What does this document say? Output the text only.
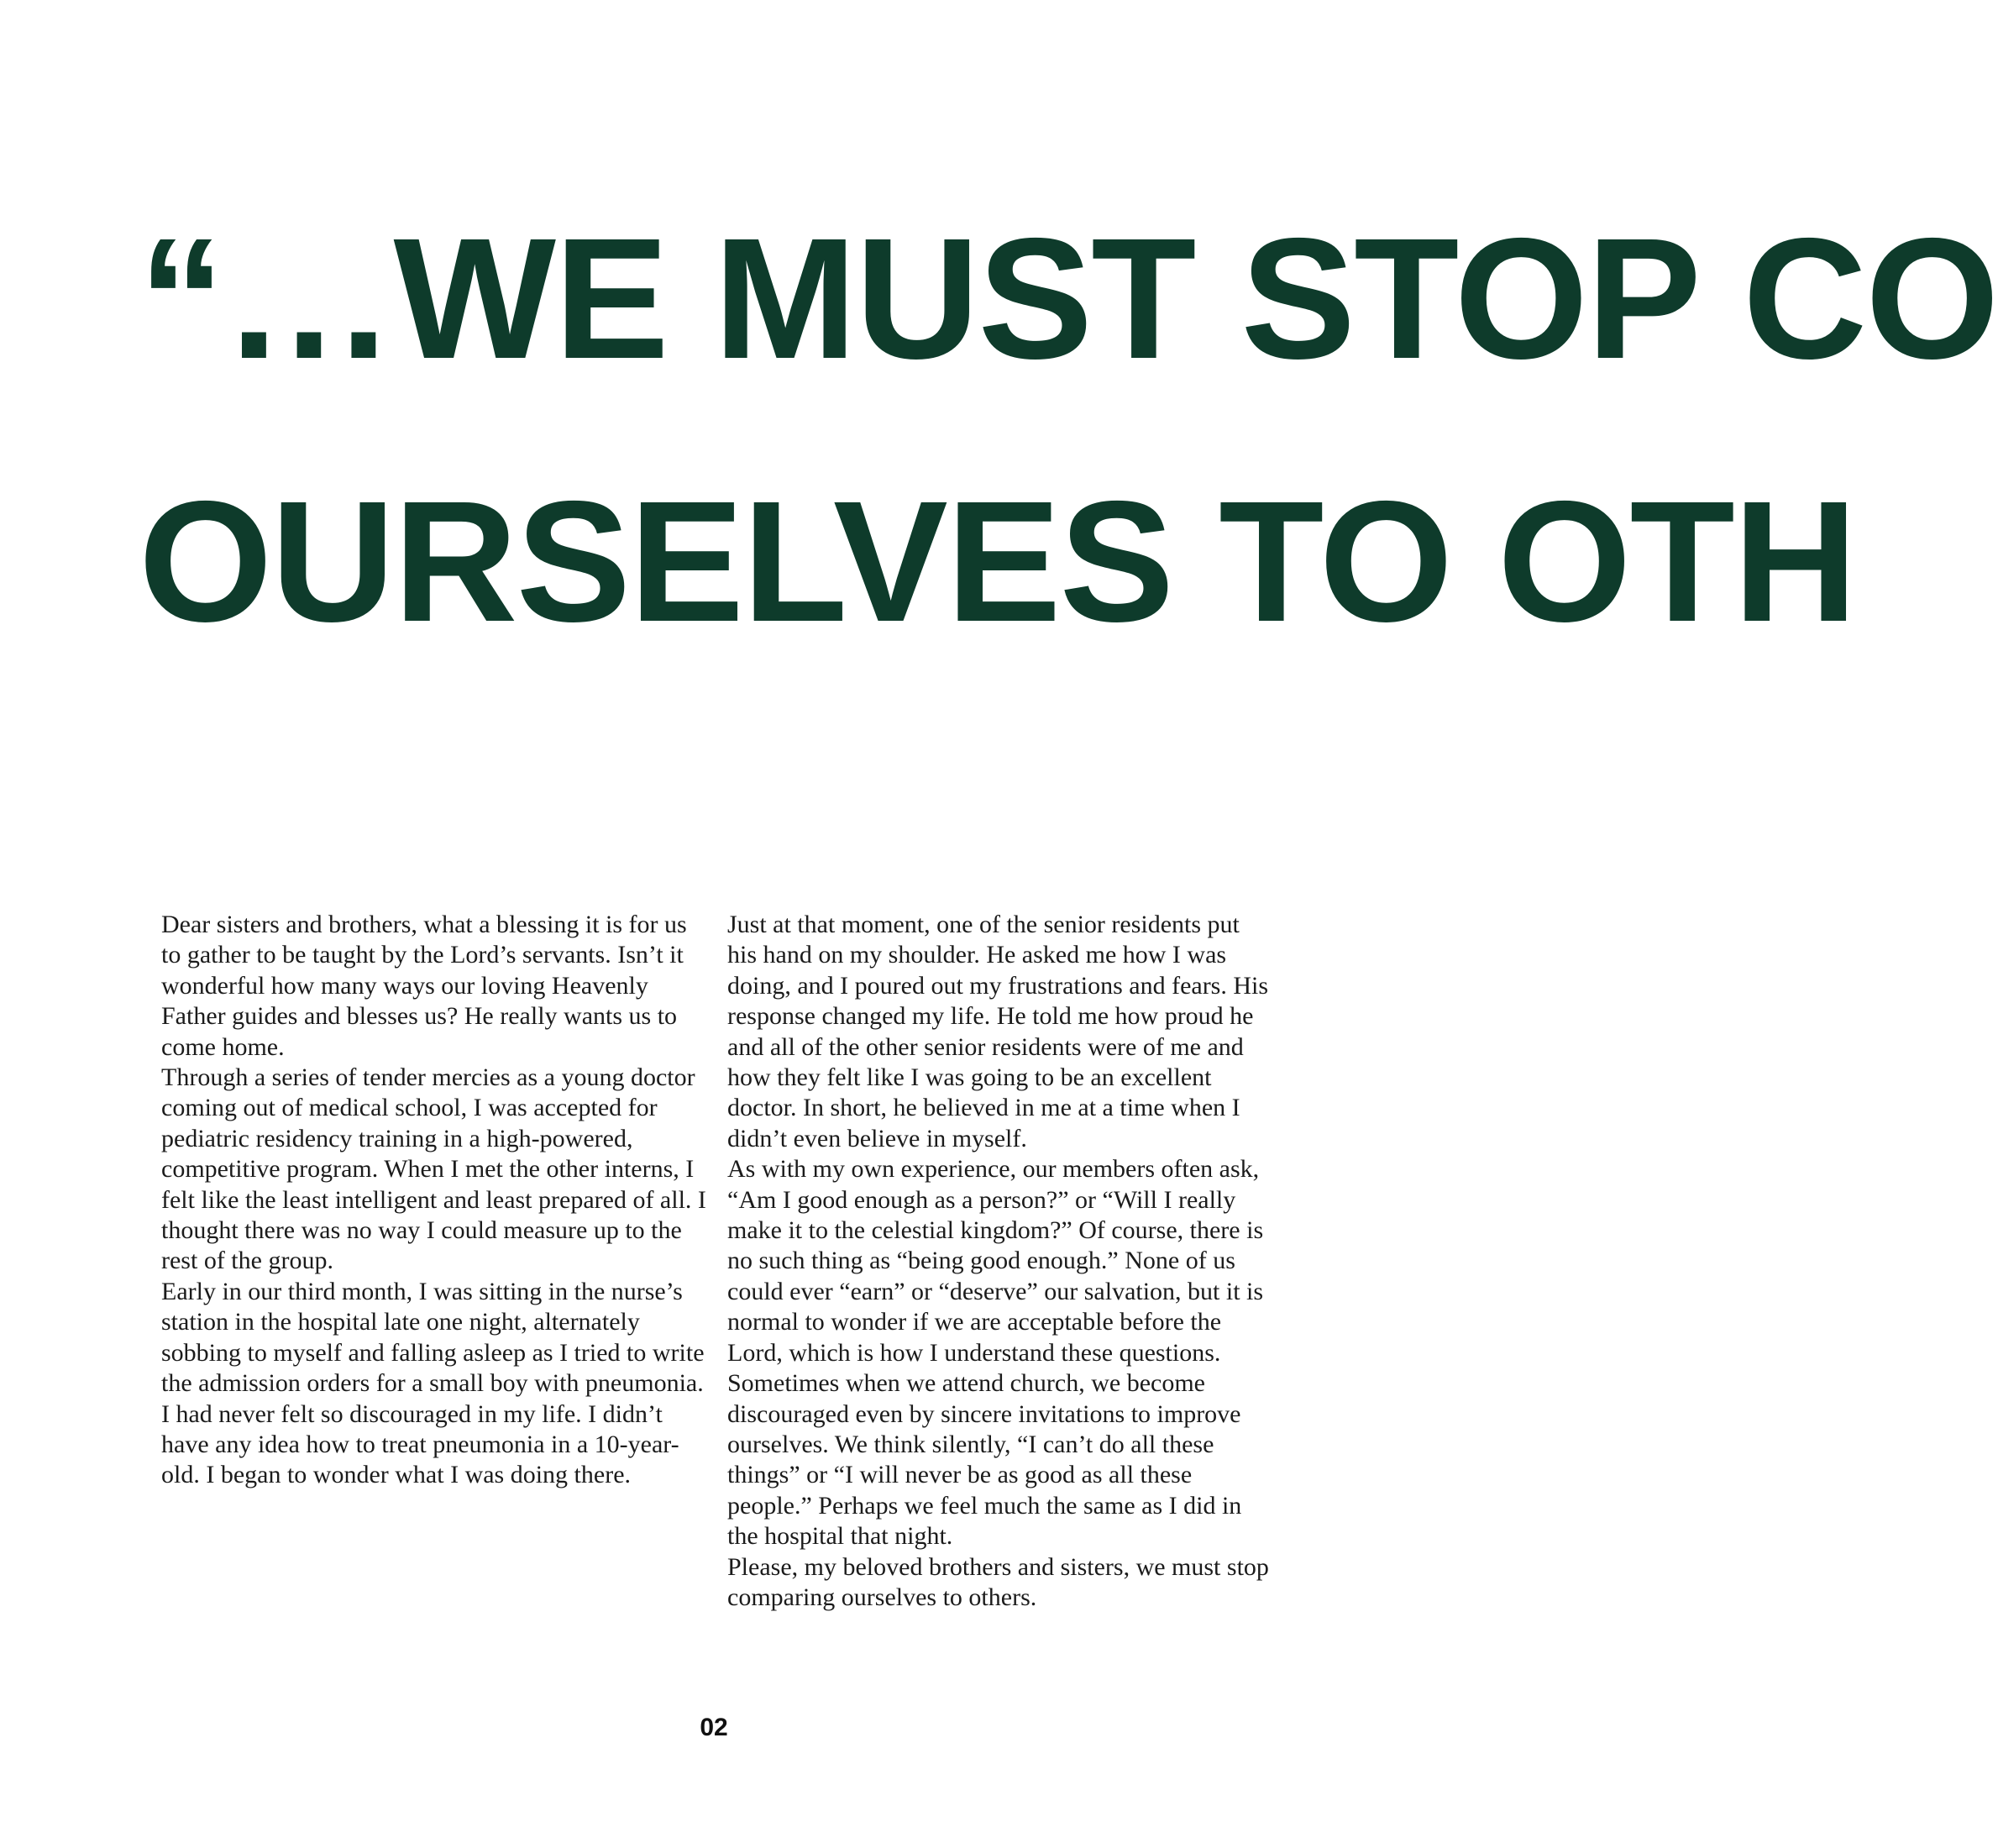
“…WE MUST STOP CO
OURSELVES TO OTH

Dear sisters and brothers, what a blessing it is for us to gather to be taught by the Lord’s servants. Isn’t it wonderful how many ways our loving Heavenly Father guides and blesses us? He really wants us to come home.

Through a series of tender mercies as a young doctor coming out of medical school, I was accepted for pediatric residency training in a high-powered, competitive program. When I met the other interns, I felt like the least intelligent and least prepared of all. I thought there was no way I could measure up to the rest of the group.

Early in our third month, I was sitting in the nurse’s station in the hospital late one night, alternately sobbing to myself and falling asleep as I tried to write the admission orders for a small boy with pneumonia. I had never felt so discouraged in my life. I didn’t have any idea how to treat pneumonia in a 10-year-old. I began to wonder what I was doing there.

Just at that moment, one of the senior residents put his hand on my shoulder. He asked me how I was doing, and I poured out my frustrations and fears. His response changed my life. He told me how proud he and all of the other senior residents were of me and how they felt like I was going to be an excellent doctor. In short, he believed in me at a time when I didn’t even believe in myself.

As with my own experience, our members often ask, “Am I good enough as a person?” or “Will I really make it to the celestial kingdom?” Of course, there is no such thing as “being good enough.” None of us could ever “earn” or “deserve” our salvation, but it is normal to wonder if we are acceptable before the Lord, which is how I understand these questions.

Sometimes when we attend church, we become discouraged even by sincere invitations to improve ourselves. We think silently, “I can’t do all these things” or “I will never be as good as all these people.” Perhaps we feel much the same as I did in the hospital that night.

Please, my beloved brothers and sisters, we must stop comparing ourselves to others.

02
